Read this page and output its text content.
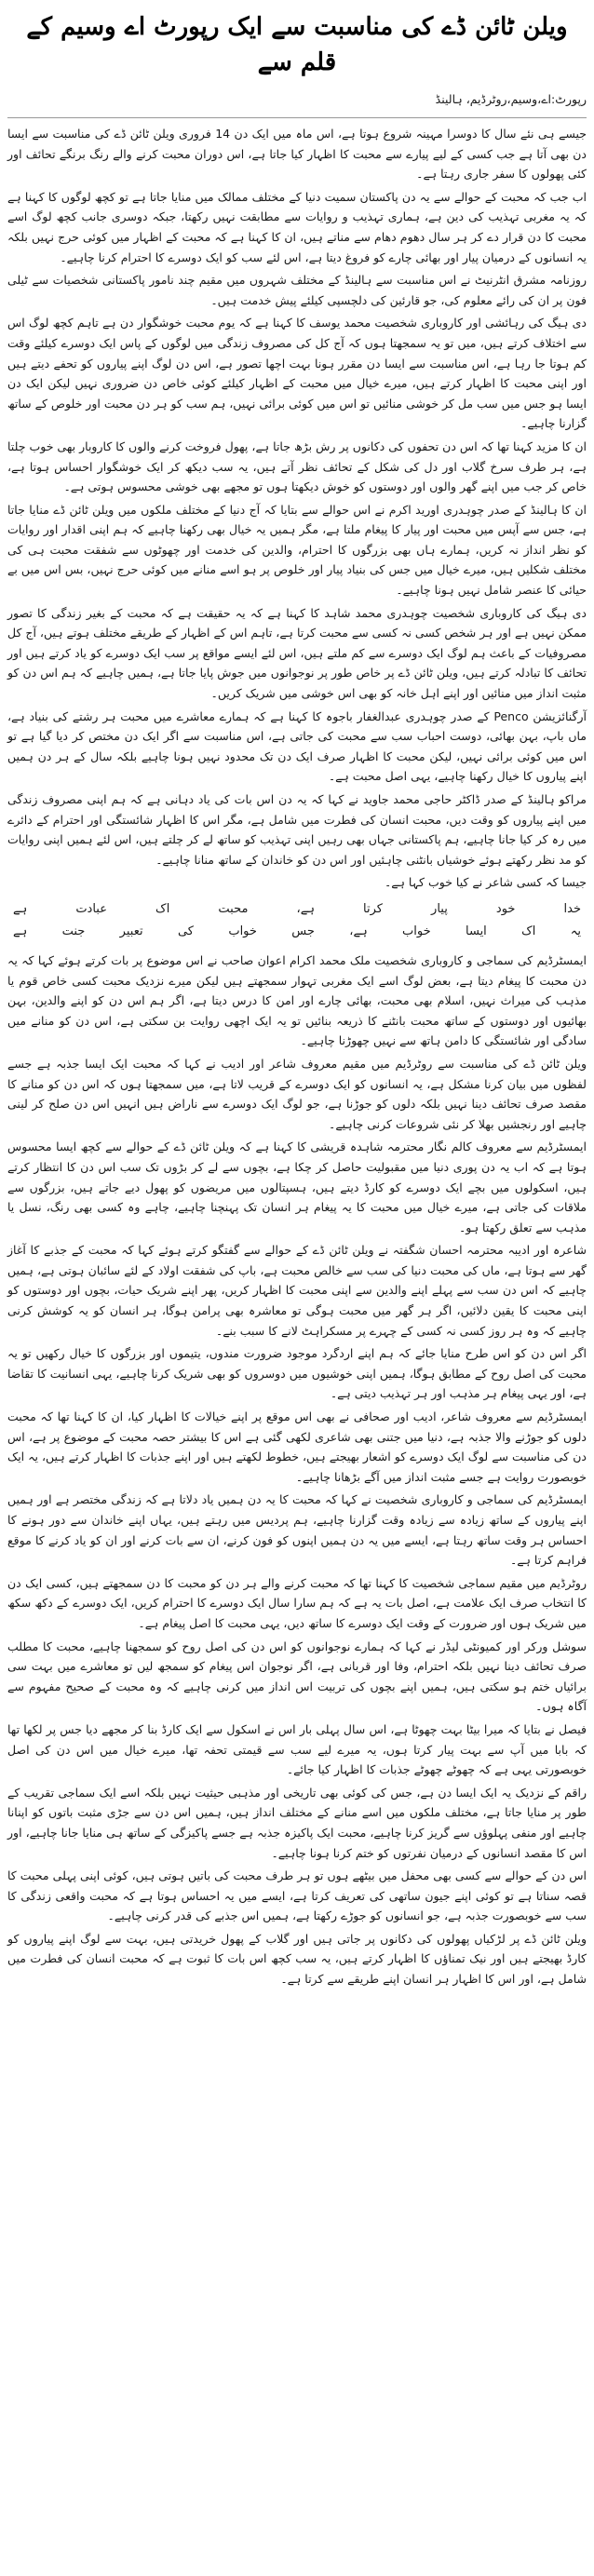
ویلن ٹائن ڈے کی مناسبت سے ایک رپورٹ اے وسیم کے قلم سے
رپورٹ:اے،وسیم،روٹرڈیم، ہالینڈ

جیسے ہی نئے سال کا دوسرا مہینہ شروع ہوتا ہے، اس ماہ میں ایک دن 14 فروری ویلن ٹائن ڈے کی مناسبت سے ایسا دن بھی آتا ہے جب کسی کے لیے پیارے سے محبت کا اظہار کیا جاتا ہے، اس دوران محبت کرنے والے رنگ برنگے تحائف اور کئی پھولوں کا سفر جاری رہتا ہے۔

اب جب کہ محبت کے حوالے سے یہ دن پاکستان سمیت دنیا کے مختلف ممالک میں منایا جاتا ہے تو کچھ لوگوں کا کہنا ہے کہ یہ مغربی تہذیب کی دین ہے، ہماری تہذیب و روایات سے مطابقت نہیں رکھتا، جبکہ دوسری جانب کچھ لوگ اسے محبت کا دن قرار دے کر ہر سال دھوم دھام سے مناتے ہیں، ان کا کہنا ہے کہ محبت کے اظہار میں کوئی حرج نہیں بلکہ یہ انسانوں کے درمیان پیار اور بھائی چارے کو فروغ دیتا ہے، اس لئے سب کو ایک دوسرے کا احترام کرنا چاہیے۔

روزنامہ مشرق انٹرنیٹ نے اس مناسبت سے ہالینڈ کے مختلف شہروں میں مقیم چند نامور پاکستانی شخصیات سے ٹیلی فون پر ان کی رائے معلوم کی، جو قارئین کی دلچسپی کیلئے پیش خدمت ہیں۔

دی ہیگ کی رہائشی اور کاروباری شخصیت محمد یوسف کا کہنا ہے کہ یوم محبت خوشگوار دن ہے تاہم کچھ لوگ اس سے اختلاف کرتے ہیں، میں تو یہ سمجھتا ہوں کہ آج کل کی مصروف زندگی میں لوگوں کے پاس ایک دوسرے کیلئے وقت کم ہوتا جا رہا ہے، اس مناسبت سے ایسا دن مقرر ہونا بہت اچھا تصور ہے، اس دن لوگ اپنے پیاروں کو تحفے دیتے ہیں اور اپنی محبت کا اظہار کرتے ہیں، میرے خیال میں محبت کے اظہار کیلئے کوئی خاص دن ضروری نہیں لیکن ایک دن ایسا ہو جس میں سب مل کر خوشی منائیں تو اس میں کوئی برائی نہیں، ہم سب کو ہر دن محبت اور خلوص کے ساتھ گزارنا چاہیے۔

ان کا مزید کہنا تھا کہ اس دن تحفوں کی دکانوں پر رش بڑھ جاتا ہے، پھول فروخت کرنے والوں کا کاروبار بھی خوب چلتا ہے، ہر طرف سرخ گلاب اور دل کی شکل کے تحائف نظر آتے ہیں، یہ سب دیکھ کر ایک خوشگوار احساس ہوتا ہے، خاص کر جب میں اپنے گھر والوں اور دوستوں کو خوش دیکھتا ہوں تو مجھے بھی خوشی محسوس ہوتی ہے۔

ان کا ہالینڈ کے صدر چوہدری اورید اکرم نے اس حوالے سے بتایا کہ آج دنیا کے مختلف ملکوں میں ویلن ٹائن ڈے منایا جاتا ہے، جس سے آپس میں محبت اور پیار کا پیغام ملتا ہے، مگر ہمیں یہ خیال بھی رکھنا چاہیے کہ ہم اپنی اقدار اور روایات کو نظر انداز نہ کریں، ہمارے ہاں بھی بزرگوں کا احترام، والدین کی خدمت اور چھوٹوں سے شفقت محبت ہی کی مختلف شکلیں ہیں، میرے خیال میں جس کی بنیاد پیار اور خلوص پر ہو اسے منانے میں کوئی حرج نہیں، بس اس میں بے حیائی کا عنصر شامل نہیں ہونا چاہیے۔

دی ہیگ کی کاروباری شخصیت چوہدری محمد شاہد کا کہنا ہے کہ یہ حقیقت ہے کہ محبت کے بغیر زندگی کا تصور ممکن نہیں ہے اور ہر شخص کسی نہ کسی سے محبت کرتا ہے، تاہم اس کے اظہار کے طریقے مختلف ہوتے ہیں، آج کل مصروفیات کے باعث ہم لوگ ایک دوسرے سے کم ملتے ہیں، اس لئے ایسے مواقع پر سب ایک دوسرے کو یاد کرتے ہیں اور تحائف کا تبادلہ کرتے ہیں، ویلن ٹائن ڈے پر خاص طور پر نوجوانوں میں جوش پایا جاتا ہے، ہمیں چاہیے کہ ہم اس دن کو مثبت انداز میں منائیں اور اپنے اہل خانہ کو بھی اس خوشی میں شریک کریں۔

آرگنائزیشن Penco کے صدر چوہدری عبدالغفار باجوہ کا کہنا ہے کہ ہمارے معاشرے میں محبت ہر رشتے کی بنیاد ہے، ماں باپ، بہن بھائی، دوست احباب سب سے محبت کی جاتی ہے، اس مناسبت سے اگر ایک دن مختص کر دیا گیا ہے تو اس میں کوئی برائی نہیں، لیکن محبت کا اظہار صرف ایک دن تک محدود نہیں ہونا چاہیے بلکہ سال کے ہر دن ہمیں اپنے پیاروں کا خیال رکھنا چاہیے، یہی اصل محبت ہے۔

مراکو ہالینڈ کے صدر ڈاکٹر حاجی محمد جاوید نے کہا کہ یہ دن اس بات کی یاد دہانی ہے کہ ہم اپنی مصروف زندگی میں اپنے پیاروں کو وقت دیں، محبت انسان کی فطرت میں شامل ہے، مگر اس کا اظہار شائستگی اور احترام کے دائرے میں رہ کر کیا جانا چاہیے، ہم پاکستانی جہاں بھی رہیں اپنی تہذیب کو ساتھ لے کر چلتے ہیں، اس لئے ہمیں اپنی روایات کو مد نظر رکھتے ہوئے خوشیاں بانٹنی چاہئیں اور اس دن کو خاندان کے ساتھ منانا چاہیے۔

جیسا کہ کسی شاعر نے کیا خوب کہا ہے۔

خدا خود پیار کرتا ہے، محبت اک عبادت ہے

یہ اک ایسا خواب ہے، جس خواب کی تعبیر جنت ہے

ایمسٹرڈیم کی سماجی و کاروباری شخصیت ملک محمد اکرام اعوان صاحب نے اس موضوع پر بات کرتے ہوئے کہا کہ یہ دن محبت کا پیغام دیتا ہے، بعض لوگ اسے ایک مغربی تہوار سمجھتے ہیں لیکن میرے نزدیک محبت کسی خاص قوم یا مذہب کی میراث نہیں، اسلام بھی محبت، بھائی چارے اور امن کا درس دیتا ہے، اگر ہم اس دن کو اپنے والدین، بہن بھائیوں اور دوستوں کے ساتھ محبت بانٹنے کا ذریعہ بنائیں تو یہ ایک اچھی روایت بن سکتی ہے، اس دن کو منانے میں سادگی اور شائستگی کا دامن ہاتھ سے نہیں چھوڑنا چاہیے۔

ویلن ٹائن ڈے کی مناسبت سے روٹرڈیم میں مقیم معروف شاعر اور ادیب نے کہا کہ محبت ایک ایسا جذبہ ہے جسے لفظوں میں بیان کرنا مشکل ہے، یہ انسانوں کو ایک دوسرے کے قریب لاتا ہے، میں سمجھتا ہوں کہ اس دن کو منانے کا مقصد صرف تحائف دینا نہیں بلکہ دلوں کو جوڑنا ہے، جو لوگ ایک دوسرے سے ناراض ہیں انہیں اس دن صلح کر لینی چاہیے اور رنجشیں بھلا کر نئی شروعات کرنی چاہیے۔

ایمسٹرڈیم سے معروف کالم نگار محترمہ شاہدہ قریشی کا کہنا ہے کہ ویلن ٹائن ڈے کے حوالے سے کچھ ایسا محسوس ہوتا ہے کہ اب یہ دن پوری دنیا میں مقبولیت حاصل کر چکا ہے، بچوں سے لے کر بڑوں تک سب اس دن کا انتظار کرتے ہیں، اسکولوں میں بچے ایک دوسرے کو کارڈ دیتے ہیں، ہسپتالوں میں مریضوں کو پھول دیے جاتے ہیں، بزرگوں سے ملاقات کی جاتی ہے، میرے خیال میں محبت کا یہ پیغام ہر انسان تک پہنچنا چاہیے، چاہے وہ کسی بھی رنگ، نسل یا مذہب سے تعلق رکھتا ہو۔

شاعرہ اور ادیبہ محترمہ احسان شگفتہ نے ویلن ٹائن ڈے کے حوالے سے گفتگو کرتے ہوئے کہا کہ محبت کے جذبے کا آغاز گھر سے ہوتا ہے، ماں کی محبت دنیا کی سب سے خالص محبت ہے، باپ کی شفقت اولاد کے لئے سائبان ہوتی ہے، ہمیں چاہیے کہ اس دن سب سے پہلے اپنے والدین سے اپنی محبت کا اظہار کریں، پھر اپنے شریک حیات، بچوں اور دوستوں کو اپنی محبت کا یقین دلائیں، اگر ہر گھر میں محبت ہوگی تو معاشرہ بھی پرامن ہوگا، ہر انسان کو یہ کوشش کرنی چاہیے کہ وہ ہر روز کسی نہ کسی کے چہرے پر مسکراہٹ لانے کا سبب بنے۔

اگر اس دن کو اس طرح منایا جائے کہ ہم اپنے اردگرد موجود ضرورت مندوں، یتیموں اور بزرگوں کا خیال رکھیں تو یہ محبت کی اصل روح کے مطابق ہوگا، ہمیں اپنی خوشیوں میں دوسروں کو بھی شریک کرنا چاہیے، یہی انسانیت کا تقاضا ہے، اور یہی پیغام ہر مذہب اور ہر تہذیب دیتی ہے۔

ایمسٹرڈیم سے معروف شاعر، ادیب اور صحافی نے بھی اس موقع پر اپنے خیالات کا اظہار کیا، ان کا کہنا تھا کہ محبت دلوں کو جوڑنے والا جذبہ ہے، دنیا میں جتنی بھی شاعری لکھی گئی ہے اس کا بیشتر حصہ محبت کے موضوع پر ہے، اس دن کی مناسبت سے لوگ ایک دوسرے کو اشعار بھیجتے ہیں، خطوط لکھتے ہیں اور اپنے جذبات کا اظہار کرتے ہیں، یہ ایک خوبصورت روایت ہے جسے مثبت انداز میں آگے بڑھانا چاہیے۔

ایمسٹرڈیم کی سماجی و کاروباری شخصیت نے کہا کہ محبت کا یہ دن ہمیں یاد دلاتا ہے کہ زندگی مختصر ہے اور ہمیں اپنے پیاروں کے ساتھ زیادہ سے زیادہ وقت گزارنا چاہیے، ہم پردیس میں رہتے ہیں، یہاں اپنے خاندان سے دور ہونے کا احساس ہر وقت ساتھ رہتا ہے، ایسے میں یہ دن ہمیں اپنوں کو فون کرنے، ان سے بات کرنے اور ان کو یاد کرنے کا موقع فراہم کرتا ہے۔

روٹرڈیم میں مقیم سماجی شخصیت کا کہنا تھا کہ محبت کرنے والے ہر دن کو محبت کا دن سمجھتے ہیں، کسی ایک دن کا انتخاب صرف ایک علامت ہے، اصل بات یہ ہے کہ ہم سارا سال ایک دوسرے کا احترام کریں، ایک دوسرے کے دکھ سکھ میں شریک ہوں اور ضرورت کے وقت ایک دوسرے کا ساتھ دیں، یہی محبت کا اصل پیغام ہے۔

سوشل ورکر اور کمیونٹی لیڈر نے کہا کہ ہمارے نوجوانوں کو اس دن کی اصل روح کو سمجھنا چاہیے، محبت کا مطلب صرف تحائف دینا نہیں بلکہ احترام، وفا اور قربانی ہے، اگر نوجوان اس پیغام کو سمجھ لیں تو معاشرے میں بہت سی برائیاں ختم ہو سکتی ہیں، ہمیں اپنے بچوں کی تربیت اس انداز میں کرنی چاہیے کہ وہ محبت کے صحیح مفہوم سے آگاہ ہوں۔

فیصل نے بتایا کہ میرا بیٹا بہت چھوٹا ہے، اس سال پہلی بار اس نے اسکول سے ایک کارڈ بنا کر مجھے دیا جس پر لکھا تھا کہ بابا میں آپ سے بہت پیار کرتا ہوں، یہ میرے لیے سب سے قیمتی تحفہ تھا، میرے خیال میں اس دن کی اصل خوبصورتی یہی ہے کہ چھوٹے چھوٹے جذبات کا اظہار کیا جائے۔

راقم کے نزدیک یہ ایک ایسا دن ہے، جس کی کوئی بھی تاریخی اور مذہبی حیثیت نہیں بلکہ اسے ایک سماجی تقریب کے طور پر منایا جاتا ہے، مختلف ملکوں میں اسے منانے کے مختلف انداز ہیں، ہمیں اس دن سے جڑی مثبت باتوں کو اپنانا چاہیے اور منفی پہلوؤں سے گریز کرنا چاہیے، محبت ایک پاکیزہ جذبہ ہے جسے پاکیزگی کے ساتھ ہی منایا جانا چاہیے، اور اس کا مقصد انسانوں کے درمیان نفرتوں کو ختم کرنا ہونا چاہیے۔

اس دن کے حوالے سے کسی بھی محفل میں بیٹھے ہوں تو ہر طرف محبت کی باتیں ہوتی ہیں، کوئی اپنی پہلی محبت کا قصہ سناتا ہے تو کوئی اپنے جیون ساتھی کی تعریف کرتا ہے، ایسے میں یہ احساس ہوتا ہے کہ محبت واقعی زندگی کا سب سے خوبصورت جذبہ ہے، جو انسانوں کو جوڑے رکھتا ہے، ہمیں اس جذبے کی قدر کرنی چاہیے۔

ویلن ٹائن ڈے پر لڑکیاں پھولوں کی دکانوں پر جاتی ہیں اور گلاب کے پھول خریدتی ہیں، بہت سے لوگ اپنے پیاروں کو کارڈ بھیجتے ہیں اور نیک تمناؤں کا اظہار کرتے ہیں، یہ سب کچھ اس بات کا ثبوت ہے کہ محبت انسان کی فطرت میں شامل ہے، اور اس کا اظہار ہر انسان اپنے طریقے سے کرتا ہے۔
